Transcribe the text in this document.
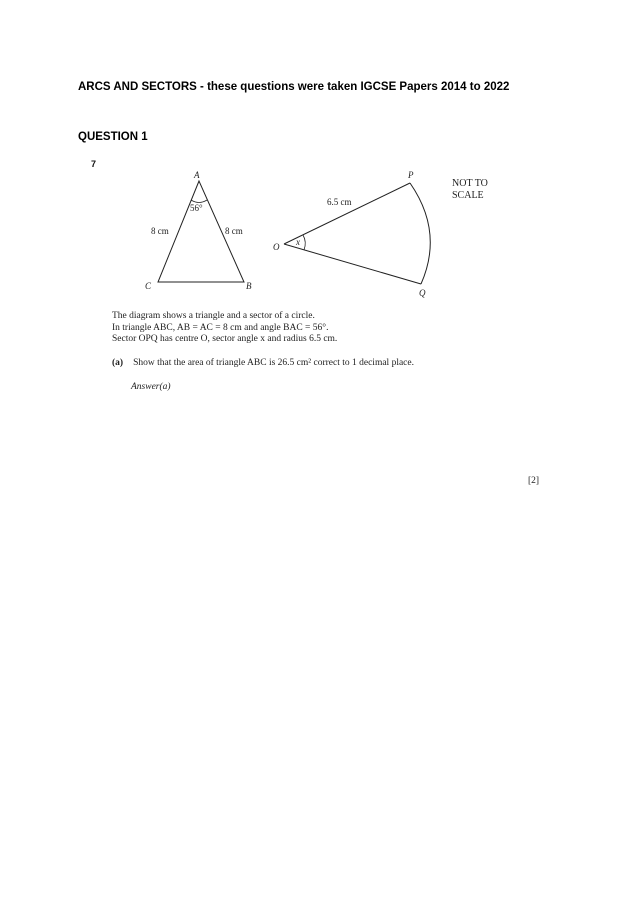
ARCS AND SECTORS - these questions were taken IGCSE Papers 2014 to 2022
QUESTION 1
7
NOT TO
SCALE
A
56°
8 cm	8 cm
C	B
O x
P
Q
6.5 cm
The diagram shows a triangle and a sector of a circle.
In triangle ABC, AB = AC = 8 cm and angle BAC = 56°.
Sector OPQ has centre O, sector angle x and radius 6.5 cm.
(a) Show that the area of triangle ABC is 26.5 cm² correct to 1 decimal place.
Answer(a)
[2]
